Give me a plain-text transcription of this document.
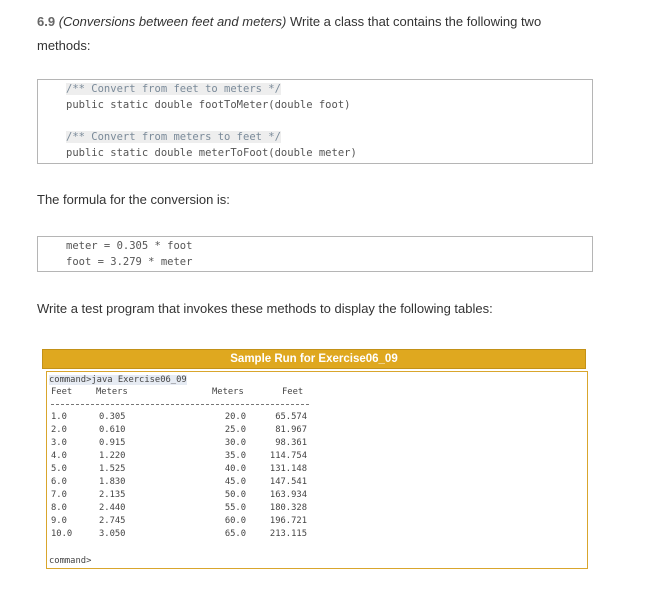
6.9 (Conversions between feet and meters) Write a class that contains the following two
methods:
/** Convert from feet to meters */
public static double footToMeter(double foot)
/** Convert from meters to feet */
public static double meterToFoot(double meter)
The formula for the conversion is:
meter = 0.305 * foot
foot = 3.279 * meter
Write a test program that invokes these methods to display the following tables:
Sample Run for Exercise06_09
command>java Exercise06_09
Feet	Meters	Meters	Feet
1.0	0.305	20.0	65.574
2.0	0.610	25.0	81.967
3.0	0.915	30.0	98.361
4.0	1.220	35.0	114.754
5.0	1.525	40.0	131.148
6.0	1.830	45.0	147.541
7.0	2.135	50.0	163.934
8.0	2.440	55.0	180.328
9.0	2.745	60.0	196.721
10.0	3.050	65.0	213.115
command>
